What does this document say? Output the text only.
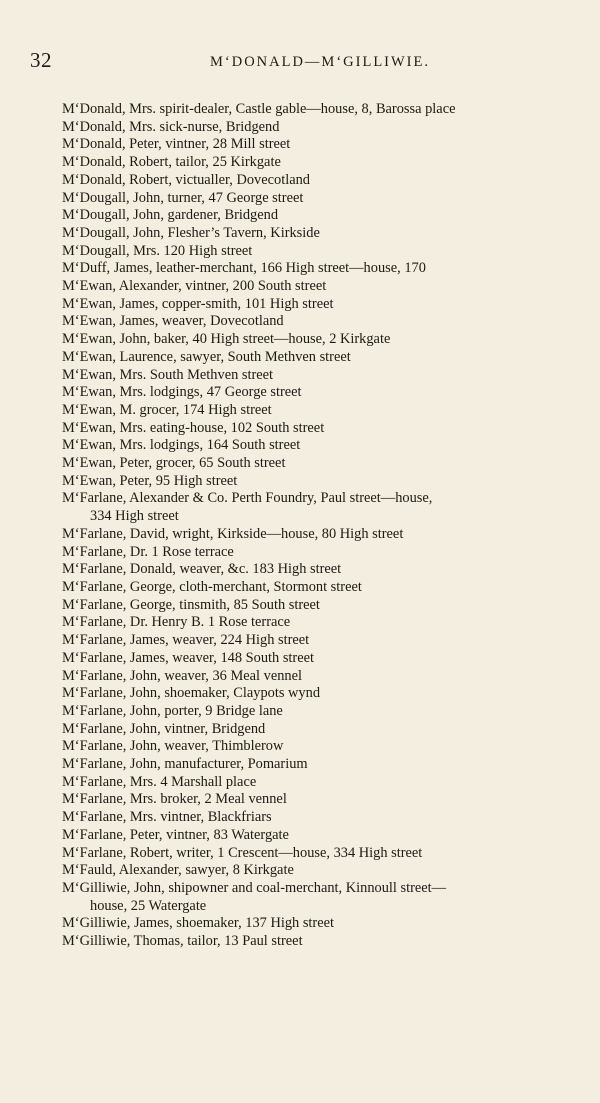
32	M‘DONALD—M‘GILLIWIE.
M‘Donald, Mrs. spirit-dealer, Castle gable—house, 8, Barossa place
M‘Donald, Mrs. sick-nurse, Bridgend
M‘Donald, Peter, vintner, 28 Mill street
M‘Donald, Robert, tailor, 25 Kirkgate
M‘Donald, Robert, victualler, Dovecotland
M‘Dougall, John, turner, 47 George street
M‘Dougall, John, gardener, Bridgend
M‘Dougall, John, Flesher’s Tavern, Kirkside
M‘Dougall, Mrs. 120 High street
M‘Duff, James, leather-merchant, 166 High street—house, 170
M‘Ewan, Alexander, vintner, 200 South street
M‘Ewan, James, copper-smith, 101 High street
M‘Ewan, James, weaver, Dovecotland
M‘Ewan, John, baker, 40 High street—house, 2 Kirkgate
M‘Ewan, Laurence, sawyer, South Methven street
M‘Ewan, Mrs. South Methven street
M‘Ewan, Mrs. lodgings, 47 George street
M‘Ewan, M. grocer, 174 High street
M‘Ewan, Mrs. eating-house, 102 South street
M‘Ewan, Mrs. lodgings, 164 South street
M‘Ewan, Peter, grocer, 65 South street
M‘Ewan, Peter, 95 High street
M‘Farlane, Alexander & Co. Perth Foundry, Paul street—house,
334 High street
M‘Farlane, David, wright, Kirkside—house, 80 High street
M‘Farlane, Dr. 1 Rose terrace
M‘Farlane, Donald, weaver, &c. 183 High street
M‘Farlane, George, cloth-merchant, Stormont street
M‘Farlane, George, tinsmith, 85 South street
M‘Farlane, Dr. Henry B. 1 Rose terrace
M‘Farlane, James, weaver, 224 High street
M‘Farlane, James, weaver, 148 South street
M‘Farlane, John, weaver, 36 Meal vennel
M‘Farlane, John, shoemaker, Claypots wynd
M‘Farlane, John, porter, 9 Bridge lane
M‘Farlane, John, vintner, Bridgend
M‘Farlane, John, weaver, Thimblerow
M‘Farlane, John, manufacturer, Pomarium
M‘Farlane, Mrs. 4 Marshall place
M‘Farlane, Mrs. broker, 2 Meal vennel
M‘Farlane, Mrs. vintner, Blackfriars
M‘Farlane, Peter, vintner, 83 Watergate
M‘Farlane, Robert, writer, 1 Crescent—house, 334 High street
M‘Fauld, Alexander, sawyer, 8 Kirkgate
M‘Gilliwie, John, shipowner and coal-merchant, Kinnoull street—
house, 25 Watergate
M‘Gilliwie, James, shoemaker, 137 High street
M‘Gilliwie, Thomas, tailor, 13 Paul street
